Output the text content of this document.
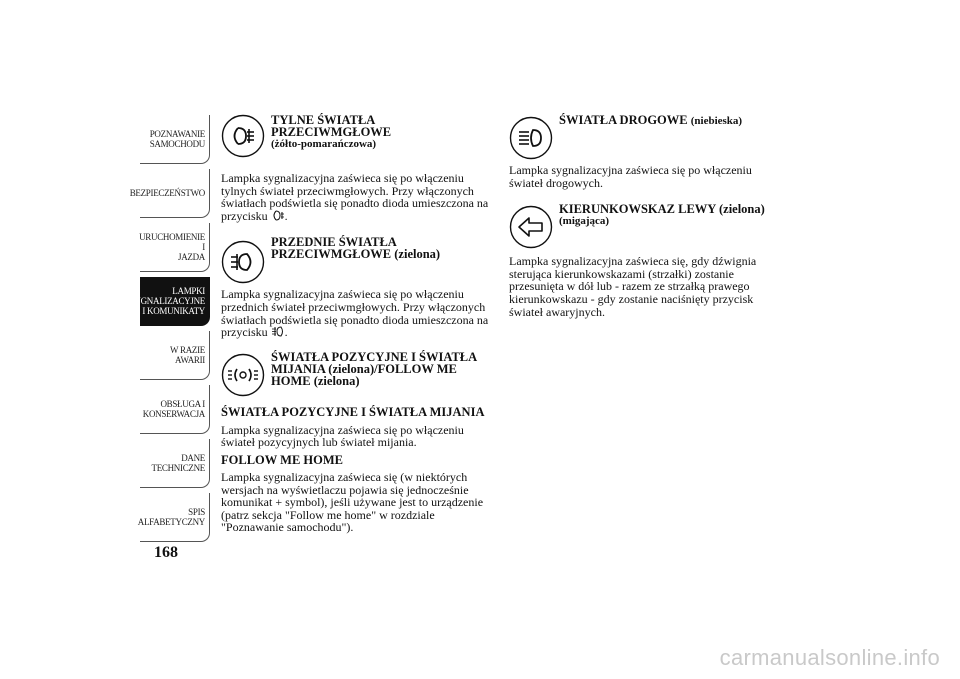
POZNAWANIE
SAMOCHODU
BEZPIECZEŃSTWO
URUCHOMIENIE I
JAZDA
LAMPKI
SYGNALIZACYJNE
I KOMUNIKATY
W RAZIE AWARII
OBSŁUGA I
KONSERWACJA
DANE
TECHNICZNE
SPIS
ALFABETYCZNY
168
TYLNE ŚWIATŁA
PRZECIWMGŁOWE
(żółto-pomarańczowa)

Lampka sygnalizacyjna zaświeca się po włączeniu tylnych świateł przeciwmgłowych. Przy włączonych światłach podświetla się ponadto dioda umieszczona na przycisku .

PRZEDNIE ŚWIATŁA
PRZECIWMGŁOWE (zielona)

Lampka sygnalizacyjna zaświeca się po włączeniu przednich świateł przeciwmgłowych. Przy włączonych światłach podświetla się ponadto dioda umieszczona na przycisku .

ŚWIATŁA POZYCYJNE I ŚWIATŁA
MIJANIA (zielona)/FOLLOW ME
HOME (zielona)

ŚWIATŁA POZYCYJNE I ŚWIATŁA MIJANIA

Lampka sygnalizacyjna zaświeca się po włączeniu świateł pozycyjnych lub świateł mijania.

FOLLOW ME HOME

Lampka sygnalizacyjna zaświeca się (w niektórych wersjach na wyświetlaczu pojawia się jednocześnie komunikat + symbol), jeśli używane jest to urządzenie (patrz sekcja "Follow me home" w rozdziale "Poznawanie samochodu").

ŚWIATŁA DROGOWE (niebieska)

Lampka sygnalizacyjna zaświeca się po włączeniu świateł drogowych.

KIERUNKOWSKAZ LEWY (zielona)
(migająca)

Lampka sygnalizacyjna zaświeca się, gdy dźwignia sterująca kierunkowskazami (strzałki) zostanie przesunięta w dół lub - razem ze strzałką prawego kierunkowskazu - gdy zostanie naciśnięty przycisk świateł awaryjnych.

carmanualsonline.info
